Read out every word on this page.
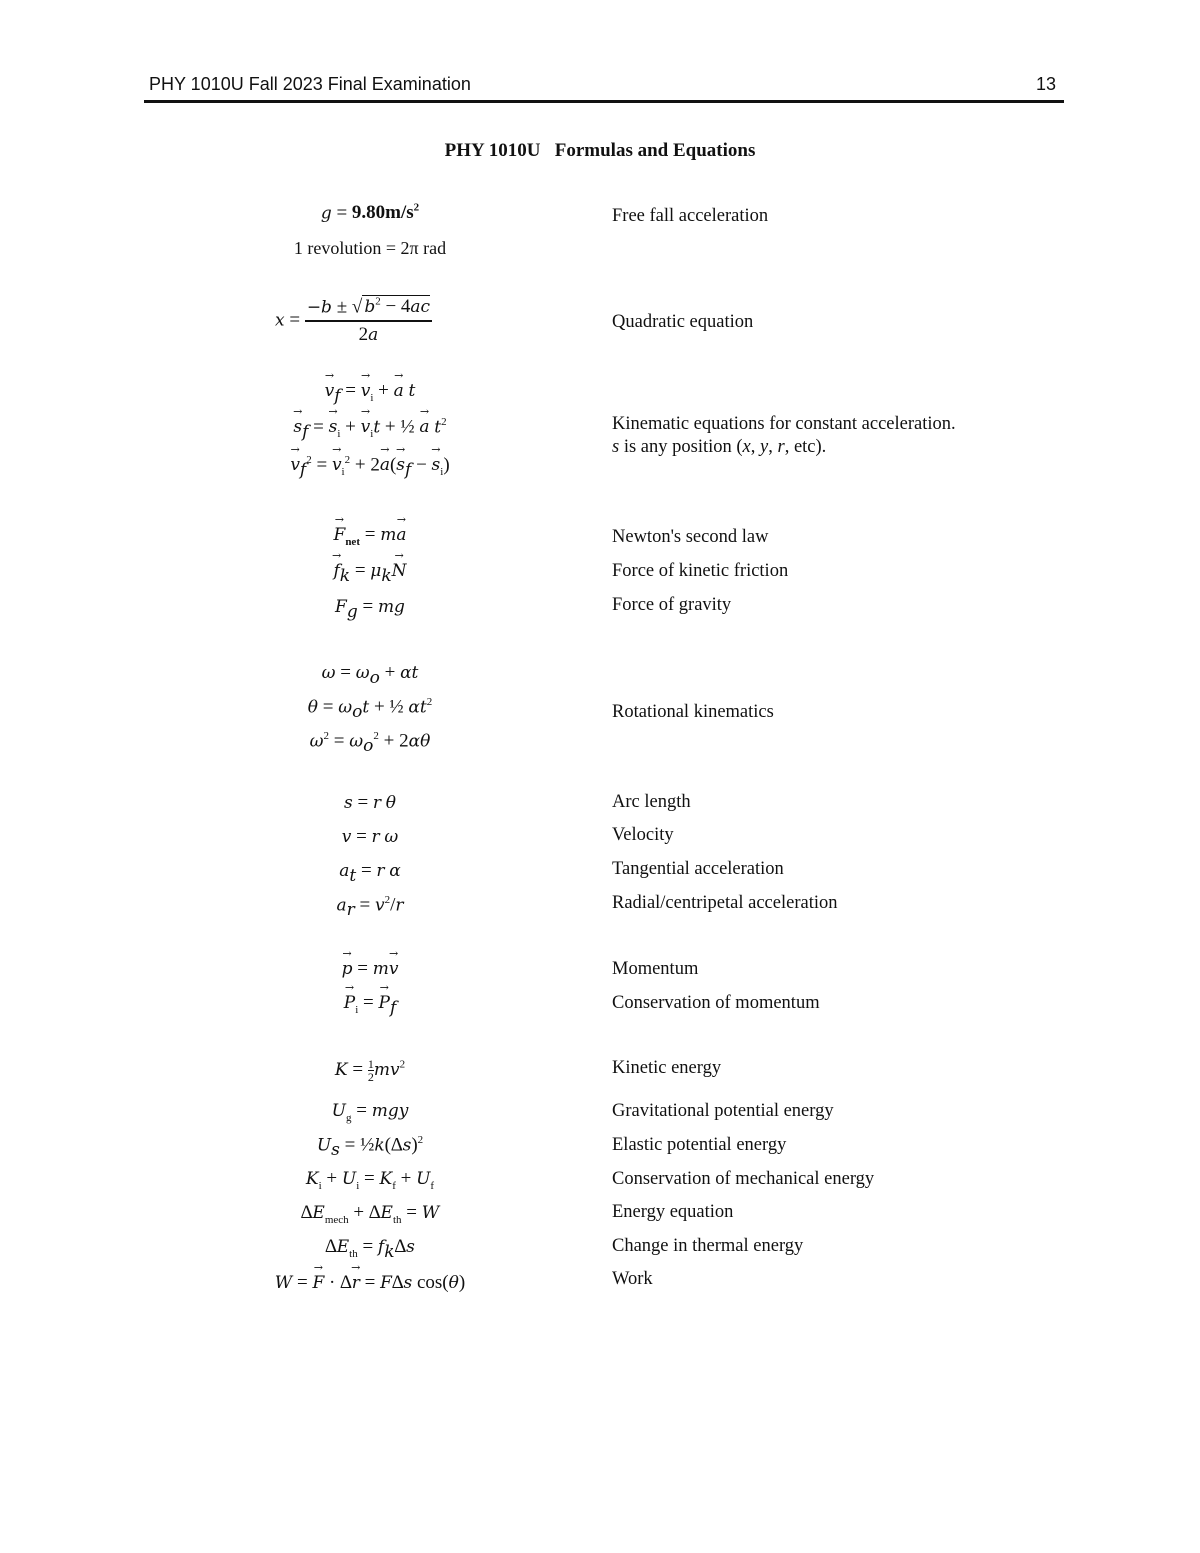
PHY 1010U Fall 2023 Final Examination	13
PHY 1010U   Formulas and Equations
$g = 9.80m/s^2$
1 revolution = 2π rad
Free fall acceleration
$x = \frac{-b \pm √ b^2 - 4ac}{2a}$	Quadratic equation
→ $v_f$ = → $v_i$ + → a t
→ $s_f$ = → $s_i$ + → $v_it$ + ½ → a $t^2$
→ $v_f^2$ = → $v_i^2 + 2\to a(\to s_f$ − → $s_i$)
Kinematic equations for constant acceleration.
s is any position (x, y, r, etc).
→ $F_{net} = m\to a$
→ $f_k = \mu_k\to N$
$F_g$ = mg
Newton's second law
Force of kinetic friction
Force of gravity
$\omega = \omega_o + \alpha t$
$\theta = \omega_ot$ + ½ $\alpha t^2$
$\omega^2 = \omega_o^2 + 2\alpha\theta$
Rotational kinematics
s = r θ
v = r ω
$a_t = r$ α
$a_r = v^2/r$
Arc length
Velocity
Tangential acceleration
Radial/centripetal acceleration
→ p = m→ v
→ $P_i$ = → $P_f$
Momentum
Conservation of momentum
$K = \frac{1}{2} mv^2$
$U_g$ = mgy
$U_s$ = $\frac{1}{2}k(\Delta s)^2$
$K_i + U_i = K_f + U_f$
$\Delta E_{mech} + \Delta E_{th} = W$
$\Delta E_{th} = f_k\Delta s$
W = → F · ∆→ r = F∆s cos(θ)
Kinetic energy
Gravitational potential energy
Elastic potential energy
Conservation of mechanical energy
Energy equation
Change in thermal energy
Work
